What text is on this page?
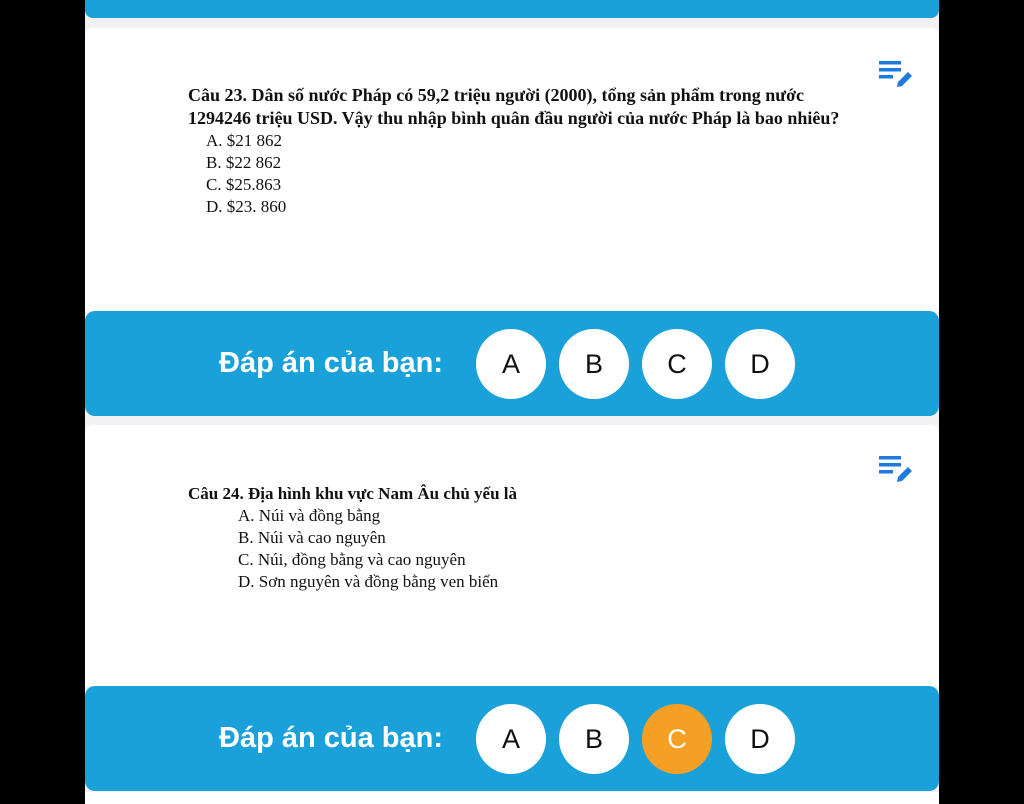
Câu 23. Dân số nước Pháp có 59,2 triệu người (2000), tổng sản phẩm trong nước
1294246 triệu USD. Vậy thu nhập bình quân đầu người của nước Pháp là bao nhiêu?
A. $21 862
B. $22 862
C. $25.863
D. $23. 860
Đáp án của bạn:	A	B	C	D
Câu 24. Địa hình khu vực Nam Âu chủ yếu là
A. Núi và đồng bằng
B. Núi và cao nguyên
C. Núi, đồng bằng và cao nguyên
D. Sơn nguyên và đồng bằng ven biển
Đáp án của bạn:	A	B	C	D
